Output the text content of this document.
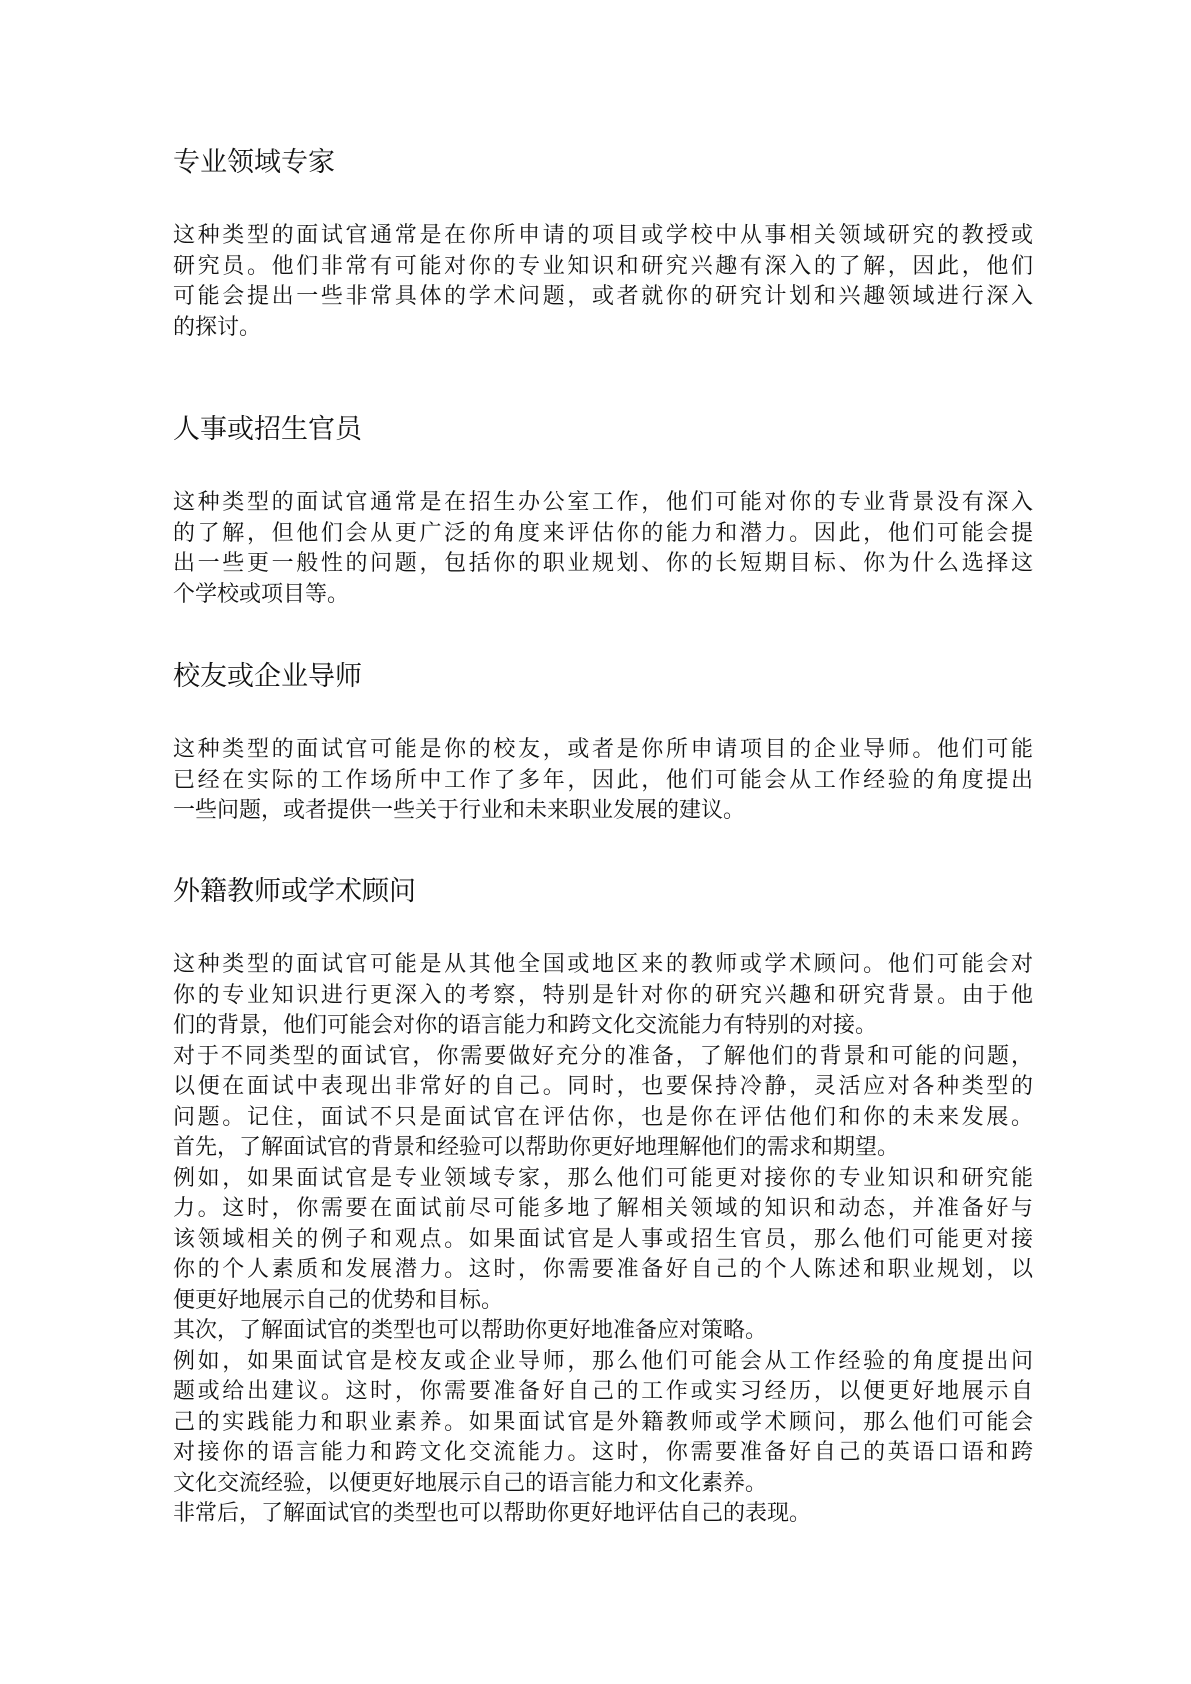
专业领域专家
这种类型的面试官通常是在你所申请的项目或学校中从事相关领域研究的教授或
研究员。他们非常有可能对你的专业知识和研究兴趣有深入的了解，因此，他们
可能会提出一些非常具体的学术问题，或者就你的研究计划和兴趣领域进行深入
的探讨。
人事或招生官员
这种类型的面试官通常是在招生办公室工作，他们可能对你的专业背景没有深入
的了解，但他们会从更广泛的角度来评估你的能力和潜力。因此，他们可能会提
出一些更一般性的问题，包括你的职业规划、你的长短期目标、你为什么选择这
个学校或项目等。
校友或企业导师
这种类型的面试官可能是你的校友，或者是你所申请项目的企业导师。他们可能
已经在实际的工作场所中工作了多年，因此，他们可能会从工作经验的角度提出
一些问题，或者提供一些关于行业和未来职业发展的建议。
外籍教师或学术顾问
这种类型的面试官可能是从其他全国或地区来的教师或学术顾问。他们可能会对
你的专业知识进行更深入的考察，特别是针对你的研究兴趣和研究背景。由于他
们的背景，他们可能会对你的语言能力和跨文化交流能力有特别的对接。
对于不同类型的面试官，你需要做好充分的准备，了解他们的背景和可能的问题，
以便在面试中表现出非常好的自己。同时，也要保持冷静，灵活应对各种类型的
问题。记住，面试不只是面试官在评估你，也是你在评估他们和你的未来发展。
首先，了解面试官的背景和经验可以帮助你更好地理解他们的需求和期望。
例如，如果面试官是专业领域专家，那么他们可能更对接你的专业知识和研究能
力。这时，你需要在面试前尽可能多地了解相关领域的知识和动态，并准备好与
该领域相关的例子和观点。如果面试官是人事或招生官员，那么他们可能更对接
你的个人素质和发展潜力。这时，你需要准备好自己的个人陈述和职业规划，以
便更好地展示自己的优势和目标。
其次，了解面试官的类型也可以帮助你更好地准备应对策略。
例如，如果面试官是校友或企业导师，那么他们可能会从工作经验的角度提出问
题或给出建议。这时，你需要准备好自己的工作或实习经历，以便更好地展示自
己的实践能力和职业素养。如果面试官是外籍教师或学术顾问，那么他们可能会
对接你的语言能力和跨文化交流能力。这时，你需要准备好自己的英语口语和跨
文化交流经验，以便更好地展示自己的语言能力和文化素养。
非常后，了解面试官的类型也可以帮助你更好地评估自己的表现。
